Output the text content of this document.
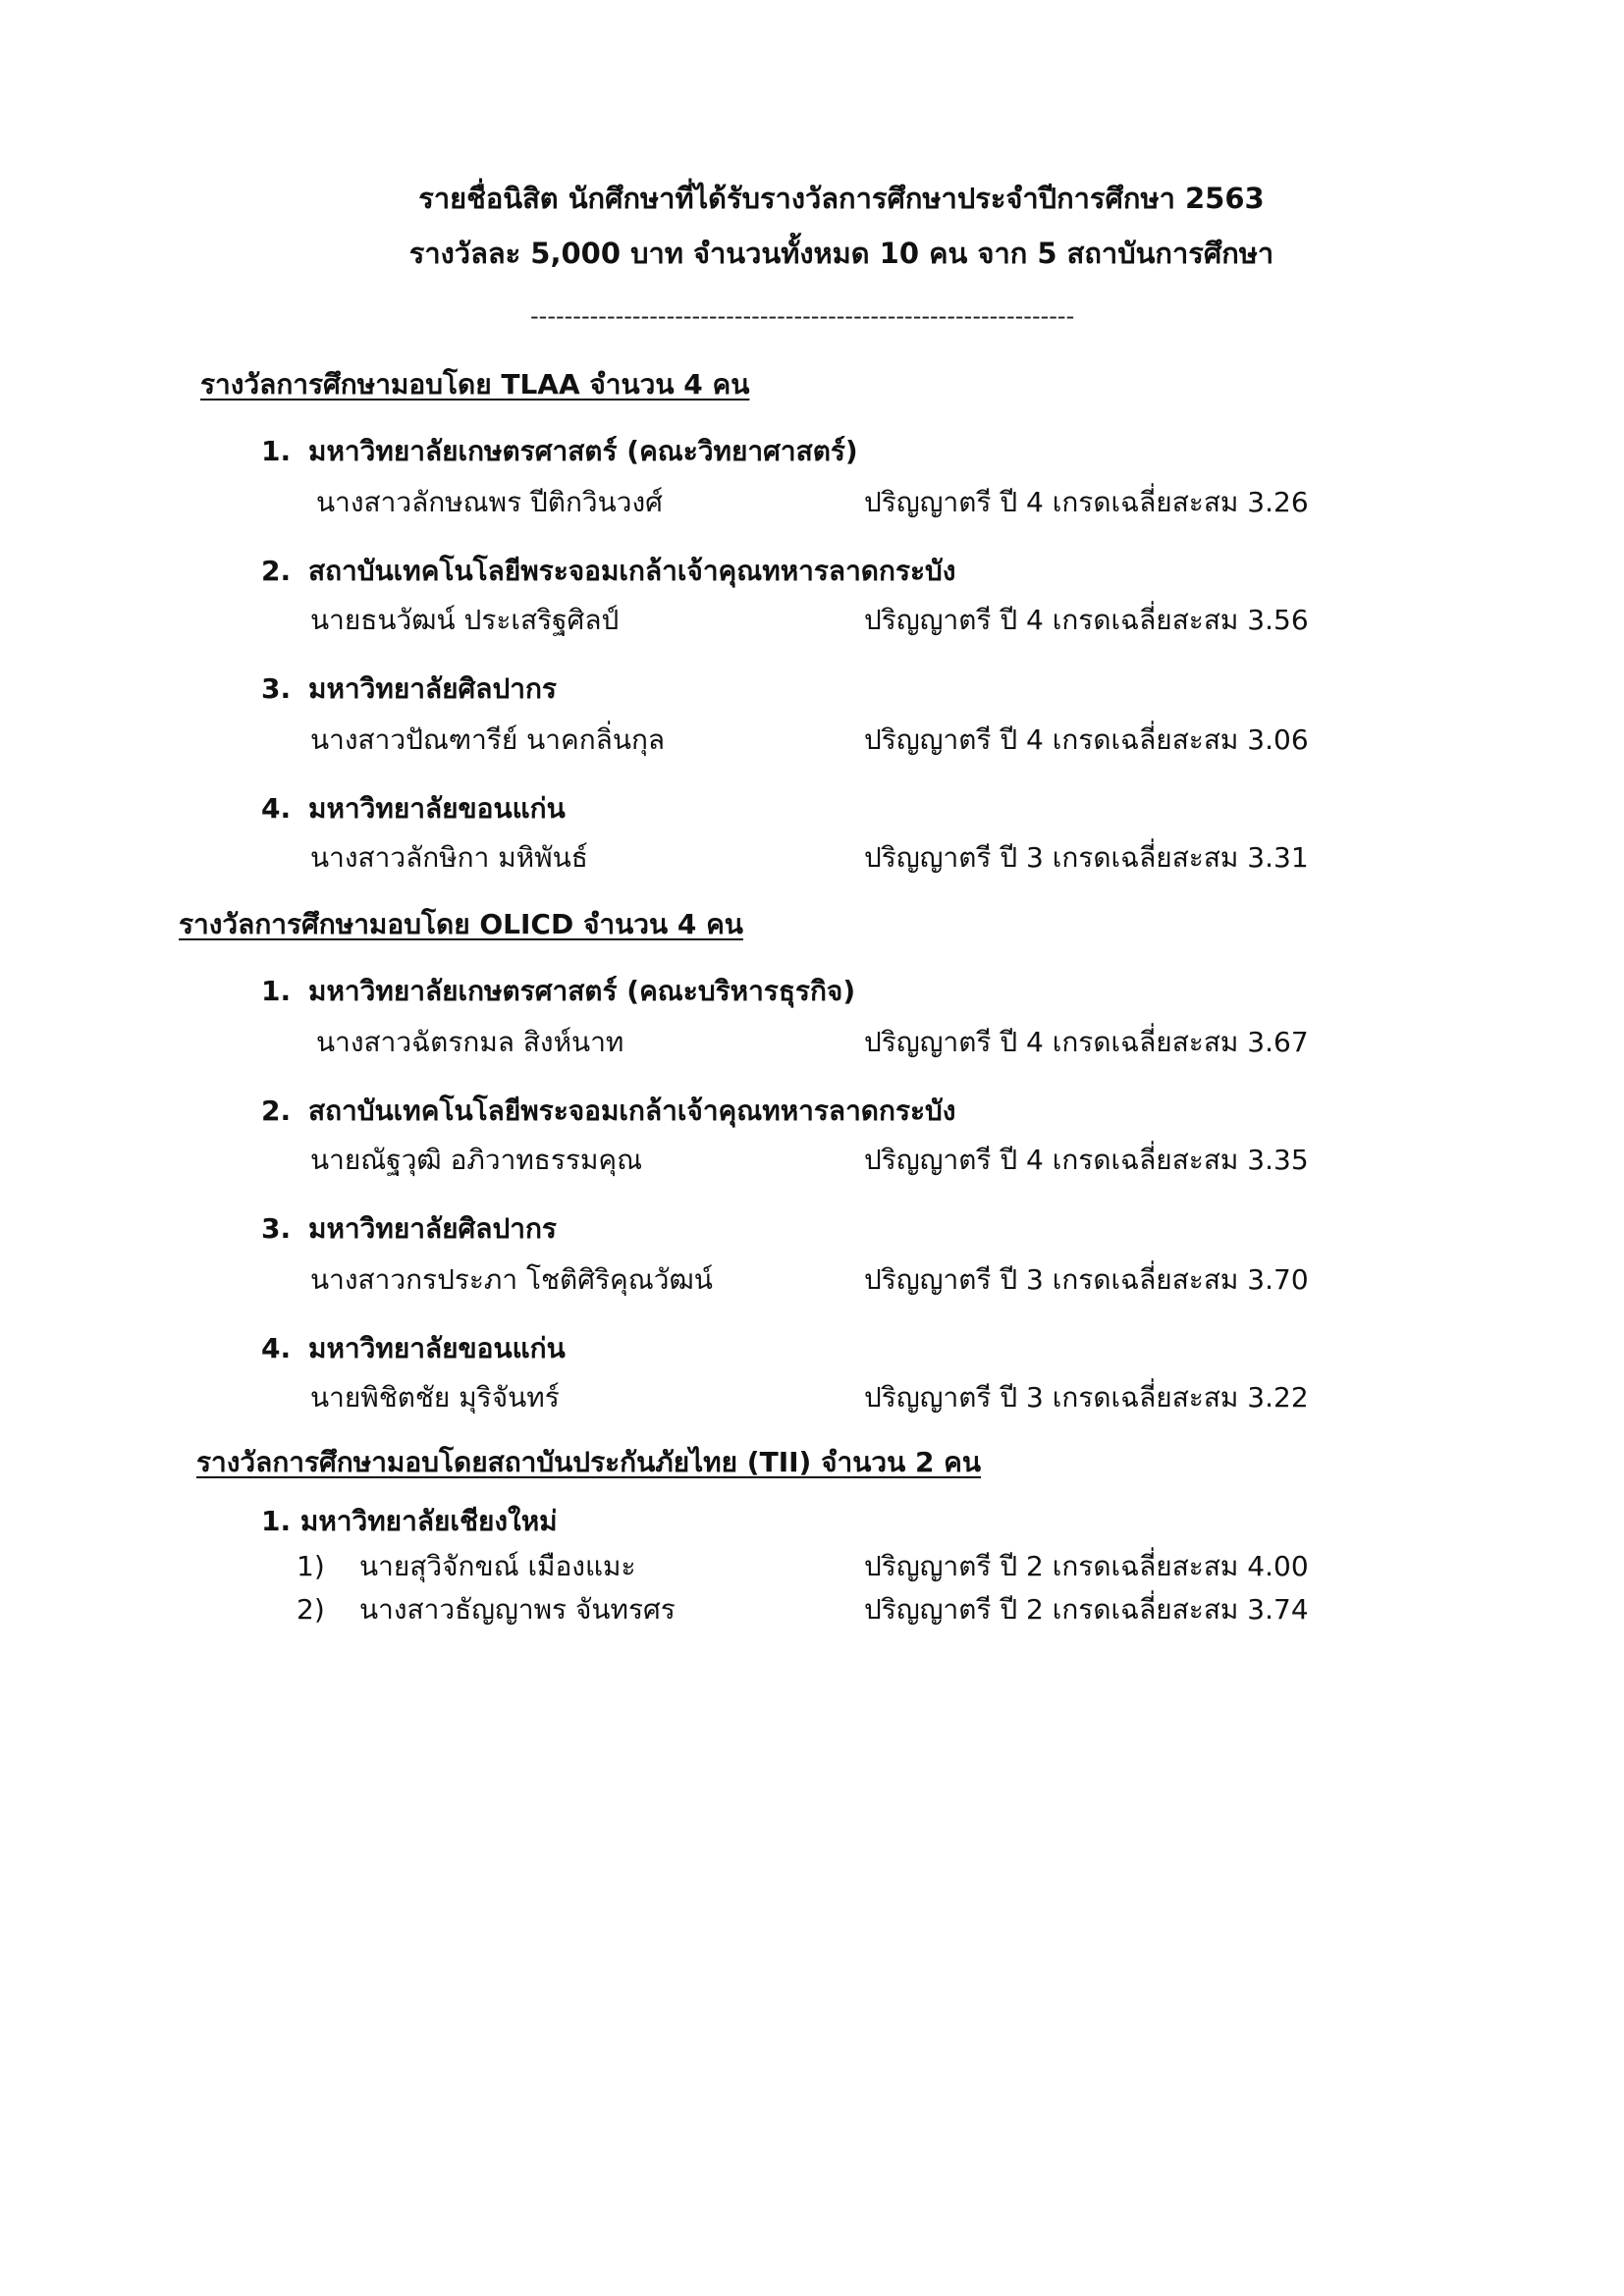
รายชื่อนิสิต นักศึกษาที่ได้รับรางวัลการศึกษาประจำปีการศึกษา 2563
รางวัลละ 5,000 บาท จำนวนทั้งหมด 10 คน จาก 5 สถาบันการศึกษา
----------------------------------------------------------------
รางวัลการศึกษามอบโดย TLAA จำนวน 4 คน
1. มหาวิทยาลัยเกษตรศาสตร์ (คณะวิทยาศาสตร์)
นางสาวลักษณพร ปีติกวินวงศ์	ปริญญาตรี ปี 4 เกรดเฉลี่ยสะสม 3.26
2. สถาบันเทคโนโลยีพระจอมเกล้าเจ้าคุณทหารลาดกระบัง
นายธนวัฒน์ ประเสริฐศิลป์	ปริญญาตรี ปี 4 เกรดเฉลี่ยสะสม 3.56
3. มหาวิทยาลัยศิลปากร
นางสาวปัณฑารีย์ นาคกลิ่นกุล	ปริญญาตรี ปี 4 เกรดเฉลี่ยสะสม 3.06
4. มหาวิทยาลัยขอนแก่น
นางสาวลักษิกา มหิพันธ์	ปริญญาตรี ปี 3 เกรดเฉลี่ยสะสม 3.31
รางวัลการศึกษามอบโดย OLICD จำนวน 4 คน
1. มหาวิทยาลัยเกษตรศาสตร์ (คณะบริหารธุรกิจ)
นางสาวฉัตรกมล สิงห์นาท	ปริญญาตรี ปี 4 เกรดเฉลี่ยสะสม 3.67
2. สถาบันเทคโนโลยีพระจอมเกล้าเจ้าคุณทหารลาดกระบัง
นายณัฐวุฒิ อภิวาทธรรมคุณ	ปริญญาตรี ปี 4 เกรดเฉลี่ยสะสม 3.35
3. มหาวิทยาลัยศิลปากร
นางสาวกรประภา โชติศิริคุณวัฒน์	ปริญญาตรี ปี 3 เกรดเฉลี่ยสะสม 3.70
4. มหาวิทยาลัยขอนแก่น
นายพิชิตชัย มุริจันทร์	ปริญญาตรี ปี 3 เกรดเฉลี่ยสะสม 3.22
รางวัลการศึกษามอบโดยสถาบันประกันภัยไทย (TII) จำนวน 2 คน
1. มหาวิทยาลัยเชียงใหม่
1) นายสุวิจักขณ์ เมืองแมะ	ปริญญาตรี ปี 2 เกรดเฉลี่ยสะสม 4.00
2) นางสาวธัญญาพร จันทรศร	ปริญญาตรี ปี 2 เกรดเฉลี่ยสะสม 3.74
